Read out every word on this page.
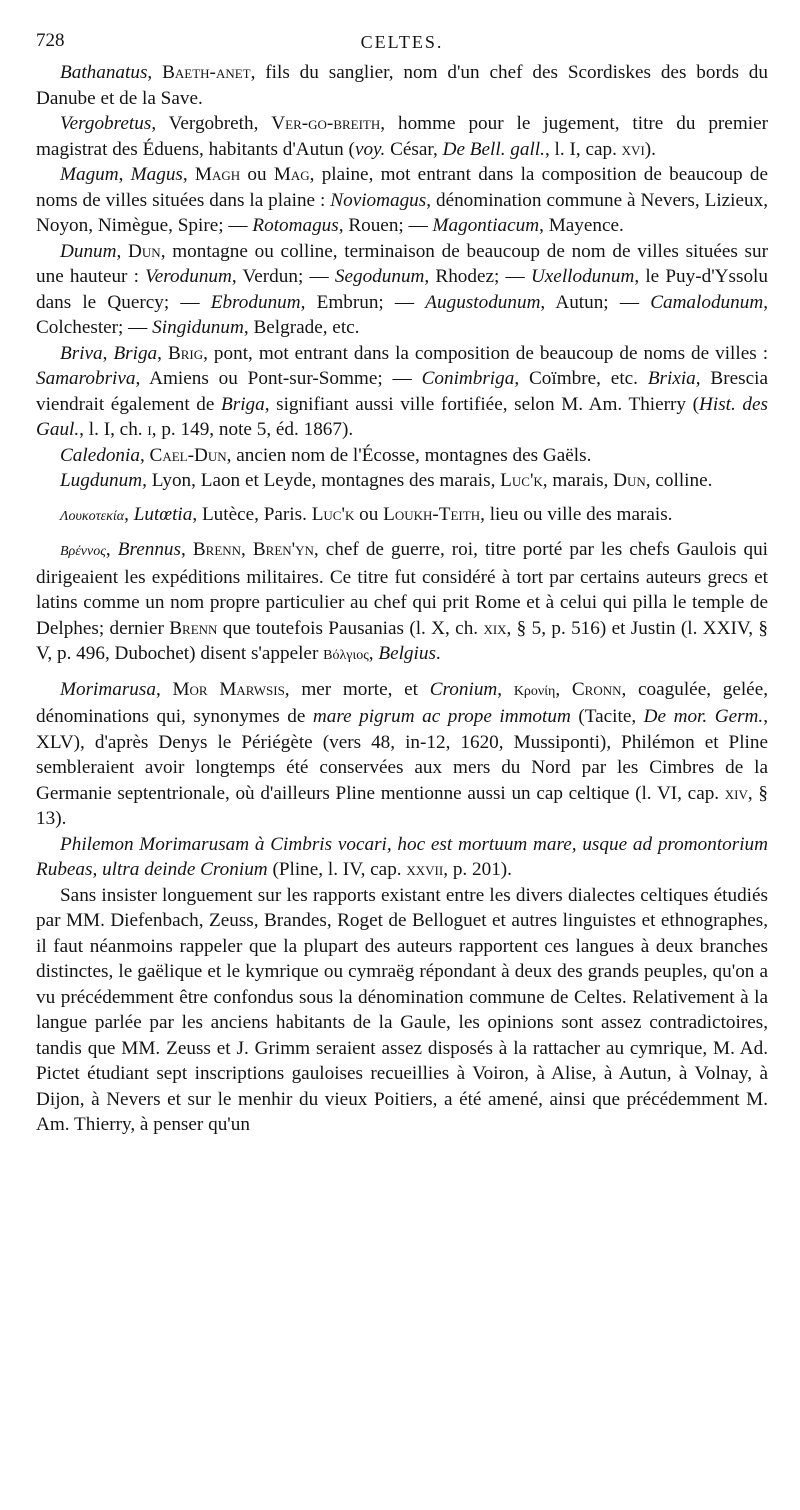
728	CELTES.

Bathanatus, Baeth-anet, fils du sanglier, nom d'un chef des Scordiskes des bords du Danube et de la Save.

Vergobretus, Vergobreth, Ver-go-breith, homme pour le jugement, titre du premier magistrat des Éduens, habitants d'Autun (voy. César, De Bell. gall., l. I, cap. xvi).

Magum, Magus, Magh ou Mag, plaine, mot entrant dans la composition de beaucoup de noms de villes situées dans la plaine : Noviomagus, dénomination commune à Nevers, Lizieux, Noyon, Nimègue, Spire; — Rotomagus, Rouen; — Magontiacum, Mayence.

Dunum, Dun, montagne ou colline, terminaison de beaucoup de nom de villes situées sur une hauteur : Verodunum, Verdun; — Segodunum, Rhodez; — Uxellodunum, le Puy-d'Yssolu dans le Quercy; — Ebrodunum, Embrun; — Augustodunum, Autun; — Camalodunum, Colchester; — Singidunum, Belgrade, etc.

Briva, Briga, Brig, pont, mot entrant dans la composition de beaucoup de noms de villes : Samarobriva, Amiens ou Pont-sur-Somme; — Conimbriga, Coïmbre, etc. Brixia, Brescia viendrait également de Briga, signifiant aussi ville fortifiée, selon M. Am. Thierry (Hist. des Gaul., l. I, ch. i, p. 149, note 5, éd. 1867).

Caledonia, Cael-Dun, ancien nom de l'Écosse, montagnes des Gaëls.

Lugdunum, Lyon, Laon et Leyde, montagnes des marais, Luc'k, marais, Dun, colline.

Λουκοτεκία, Lutœtia, Lutèce, Paris. Luc'k ou Loukh-Teith, lieu ou ville des marais.

Βρέννος, Brennus, Brenn, Bren'yn, chef de guerre, roi, titre porté par les chefs Gaulois qui dirigeaient les expéditions militaires. Ce titre fut considéré à tort par certains auteurs grecs et latins comme un nom propre particulier au chef qui prit Rome et à celui qui pilla le temple de Delphes; dernier Brenn que toutefois Pausanias (l. X, ch. xix, § 5, p. 516) et Justin (l. XXIV, § V, p. 496, Dubochet) disent s'appeler Βόλγιος, Belgius.

Morimarusa, Mor Marwsis, mer morte, et Cronium, Κρονίη, Cronn, coagulée, gelée, dénominations qui, synonymes de mare pigrum ac prope immotum (Tacite, De mor. Germ., XLV), d'après Denys le Périégète (vers 48, in-12, 1620, Mussiponti), Philémon et Pline sembleraient avoir longtemps été conservées aux mers du Nord par les Cimbres de la Germanie septentrionale, où d'ailleurs Pline mentionne aussi un cap celtique (l. VI, cap. xiv, § 13).

Philemon Morimarusam à Cimbris vocari, hoc est mortuum mare, usque ad promontorium Rubeas, ultra deinde Cronium (Pline, l. IV, cap. xxvii, p. 201).

Sans insister longuement sur les rapports existant entre les divers dialectes celtiques étudiés par MM. Diefenbach, Zeuss, Brandes, Roget de Belloguet et autres linguistes et ethnographes, il faut néanmoins rappeler que la plupart des auteurs rapportent ces langues à deux branches distinctes, le gaëlique et le kymrique ou cymraëg répondant à deux des grands peuples, qu'on a vu précédemment être confondus sous la dénomination commune de Celtes. Relativement à la langue parlée par les anciens habitants de la Gaule, les opinions sont assez contradictoires, tandis que MM. Zeuss et J. Grimm seraient assez disposés à la rattacher au cymrique, M. Ad. Pictet étudiant sept inscriptions gauloises recueillies à Voiron, à Alise, à Autun, à Volnay, à Dijon, à Nevers et sur le menhir du vieux Poitiers, a été amené, ainsi que précédemment M. Am. Thierry, à penser qu'un
